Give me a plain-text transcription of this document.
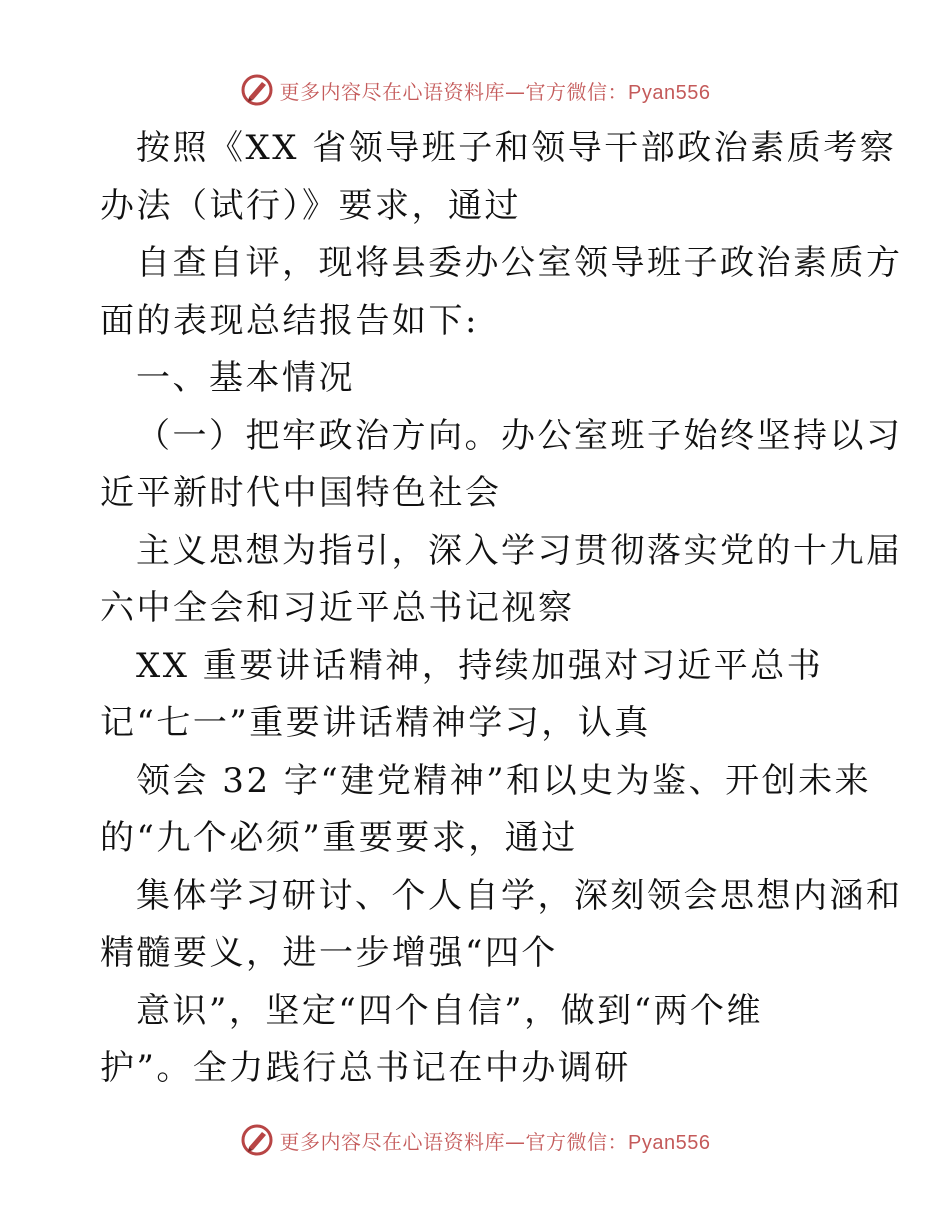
更多内容尽在心语资料库—官方微信：Pyan556
按照《XX 省领导班子和领导干部政治素质考察
办法（试行）》要求，通过
自查自评，现将县委办公室领导班子政治素质方
面的表现总结报告如下:
一、基本情况
（一）把牢政治方向。办公室班子始终坚持以习
近平新时代中国特色社会
主义思想为指引，深入学习贯彻落实党的十九届
六中全会和习近平总书记视察
XX 重要讲话精神，持续加强对习近平总书
记“七一”重要讲话精神学习，认真
领会 32 字“建党精神”和以史为鉴、开创未来
的“九个必须”重要要求，通过
集体学习研讨、个人自学，深刻领会思想内涵和
精髓要义，进一步增强“四个
意识”，坚定“四个自信”，做到“两个维
护”。全力践行总书记在中办调研
更多内容尽在心语资料库—官方微信：Pyan556
